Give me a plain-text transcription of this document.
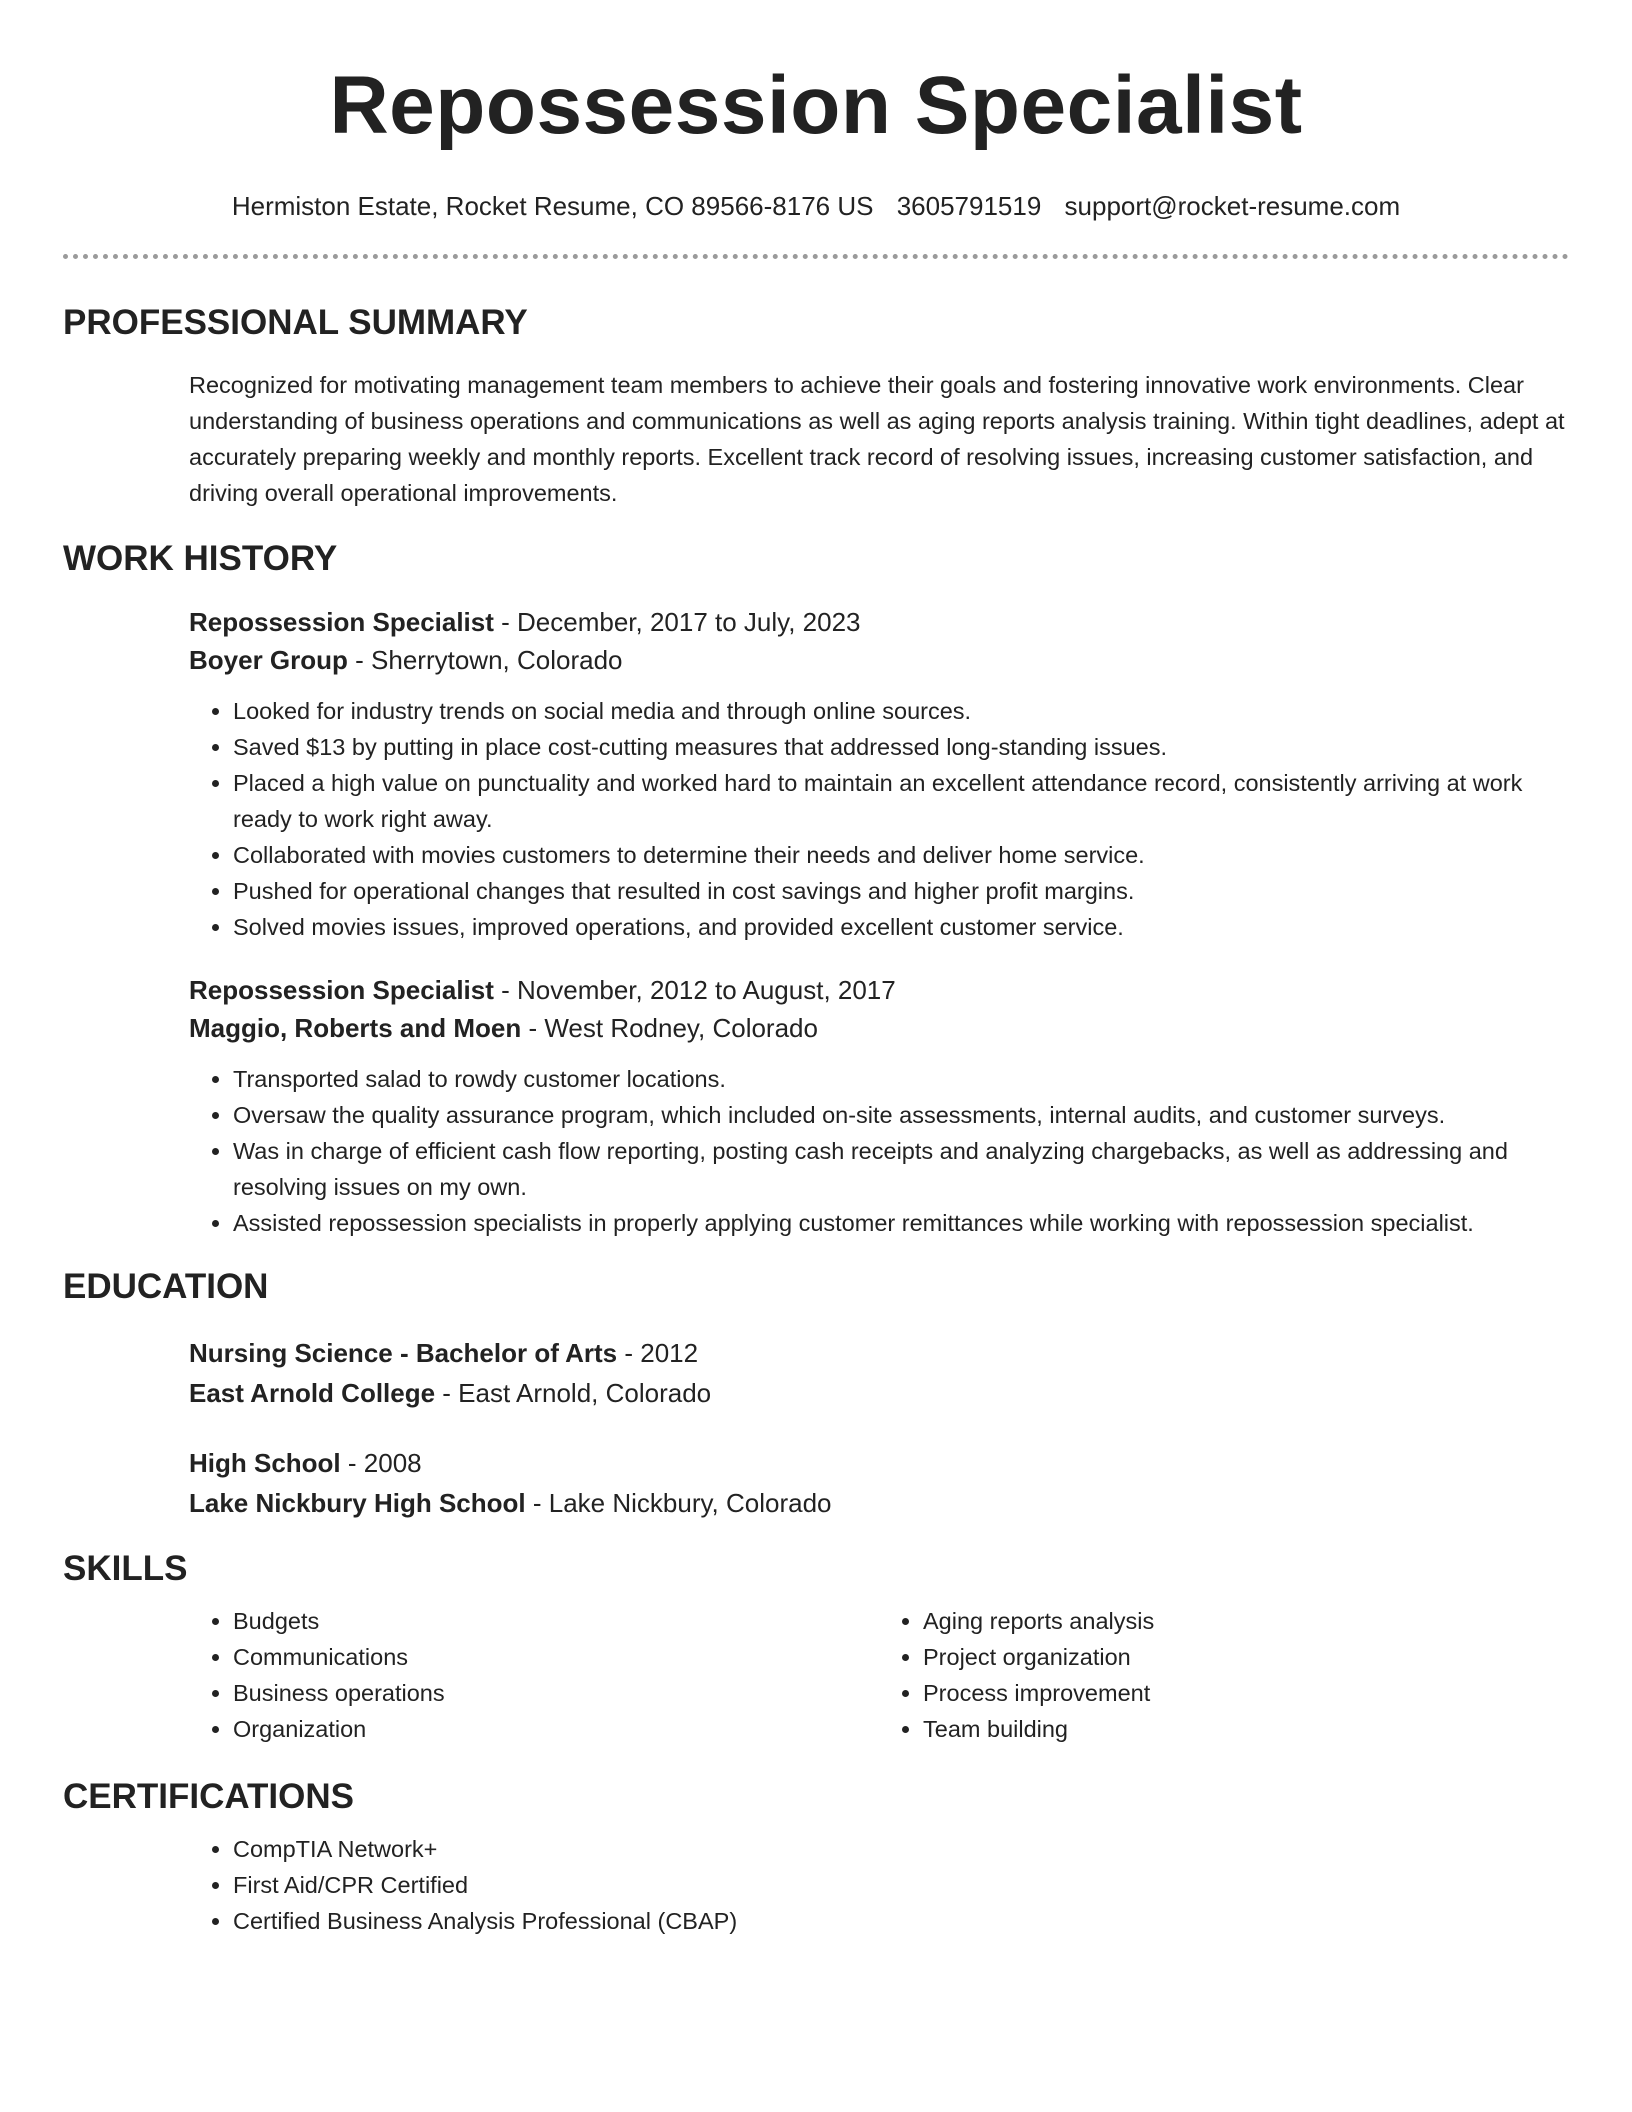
Repossession Specialist
Hermiston Estate, Rocket Resume, CO 89566-8176 US 3605791519 support@rocket-resume.com
PROFESSIONAL SUMMARY
Recognized for motivating management team members to achieve their goals and fostering innovative work environments. Clear understanding of business operations and communications as well as aging reports analysis training. Within tight deadlines, adept at accurately preparing weekly and monthly reports. Excellent track record of resolving issues, increasing customer satisfaction, and driving overall operational improvements.
WORK HISTORY
Repossession Specialist - December, 2017 to July, 2023
Boyer Group - Sherrytown, Colorado
• Looked for industry trends on social media and through online sources.
• Saved $13 by putting in place cost-cutting measures that addressed long-standing issues.
• Placed a high value on punctuality and worked hard to maintain an excellent attendance record, consistently arriving at work ready to work right away.
• Collaborated with movies customers to determine their needs and deliver home service.
• Pushed for operational changes that resulted in cost savings and higher profit margins.
• Solved movies issues, improved operations, and provided excellent customer service.
Repossession Specialist - November, 2012 to August, 2017
Maggio, Roberts and Moen - West Rodney, Colorado
• Transported salad to rowdy customer locations.
• Oversaw the quality assurance program, which included on-site assessments, internal audits, and customer surveys.
• Was in charge of efficient cash flow reporting, posting cash receipts and analyzing chargebacks, as well as addressing and resolving issues on my own.
• Assisted repossession specialists in properly applying customer remittances while working with repossession specialist.
EDUCATION
Nursing Science - Bachelor of Arts - 2012
East Arnold College - East Arnold, Colorado
High School - 2008
Lake Nickbury High School - Lake Nickbury, Colorado
SKILLS
• Budgets
• Communications
• Business operations
• Organization
• Aging reports analysis
• Project organization
• Process improvement
• Team building
CERTIFICATIONS
• CompTIA Network+
• First Aid/CPR Certified
• Certified Business Analysis Professional (CBAP)
